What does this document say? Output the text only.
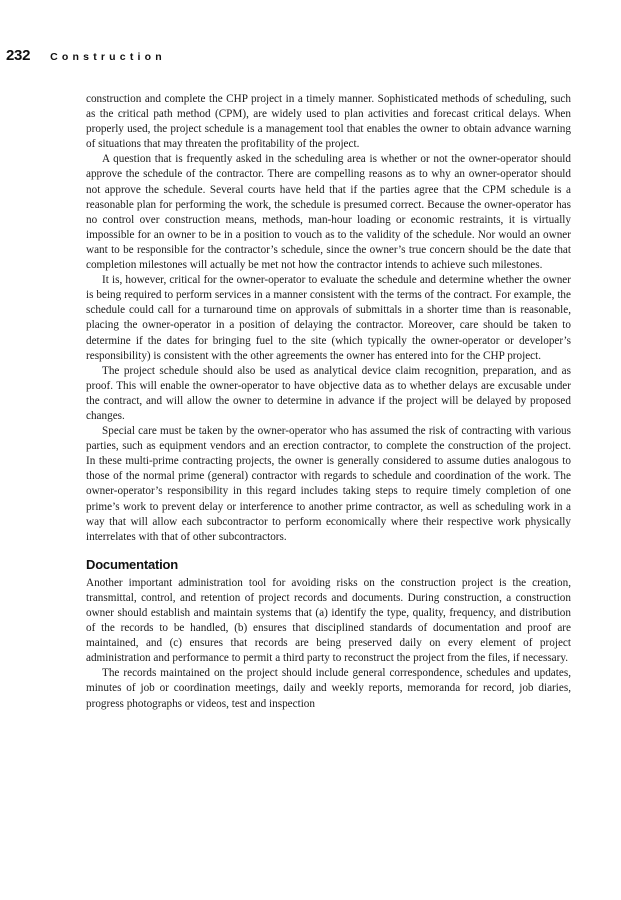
232 Construction

construction and complete the CHP project in a timely manner. Sophisticated methods of scheduling, such as the critical path method (CPM), are widely used to plan activities and forecast critical delays. When properly used, the project schedule is a management tool that enables the owner to obtain advance warning of situations that may threaten the profitability of the project.

A question that is frequently asked in the scheduling area is whether or not the owner-operator should approve the schedule of the contractor. There are compelling reasons as to why an owner-operator should not approve the schedule. Several courts have held that if the parties agree that the CPM schedule is a reasonable plan for performing the work, the schedule is presumed correct. Because the owner-operator has no control over construction means, methods, man-hour loading or economic restraints, it is virtually impossible for an owner to be in a position to vouch as to the validity of the schedule. Nor would an owner want to be responsible for the contractor’s schedule, since the owner’s true concern should be the date that completion milestones will actually be met not how the contractor intends to achieve such milestones.

It is, however, critical for the owner-operator to evaluate the schedule and determine whether the owner is being required to perform services in a manner consistent with the terms of the contract. For example, the schedule could call for a turnaround time on approvals of submittals in a shorter time than is reasonable, placing the owner-operator in a position of delaying the contractor. Moreover, care should be taken to determine if the dates for bringing fuel to the site (which typically the owner-operator or developer’s responsibility) is consistent with the other agreements the owner has entered into for the CHP project.

The project schedule should also be used as analytical device claim recognition, preparation, and as proof. This will enable the owner-operator to have objective data as to whether delays are excusable under the contract, and will allow the owner to determine in advance if the project will be delayed by proposed changes.

Special care must be taken by the owner-operator who has assumed the risk of contracting with various parties, such as equipment vendors and an erection contractor, to complete the construction of the project. In these multi-prime contracting projects, the owner is generally considered to assume duties analogous to those of the normal prime (general) contractor with regards to schedule and coordination of the work. The owner-operator’s responsibility in this regard includes taking steps to require timely completion of one prime’s work to prevent delay or interference to another prime contractor, as well as scheduling work in a way that will allow each subcontractor to perform economically where their respective work physically interrelates with that of other subcontractors.

Documentation

Another important administration tool for avoiding risks on the construction project is the creation, transmittal, control, and retention of project records and documents. During construction, a construction owner should establish and maintain systems that (a) identify the type, quality, frequency, and distribution of the records to be handled, (b) ensures that disciplined standards of documentation and proof are maintained, and (c) ensures that records are being preserved daily on every element of project administration and performance to permit a third party to reconstruct the project from the files, if necessary.

The records maintained on the project should include general correspondence, schedules and updates, minutes of job or coordination meetings, daily and weekly reports, memoranda for record, job diaries, progress photographs or videos, test and inspection
